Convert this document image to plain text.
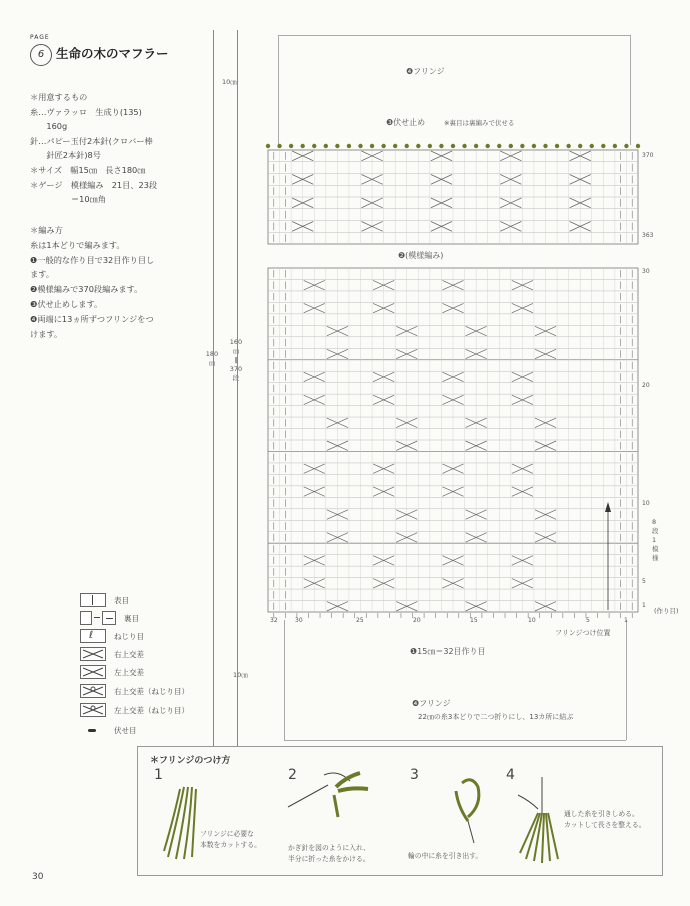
PAGE
6 生命の木のマフラー
＊用意するもの
糸…ヴァラッロ　生成り(135)
　　160g
針…パピー玉付2本針(クロバー棒
　　針匠2本針)8号
＊サイズ　幅15㎝　長さ180㎝
＊ゲージ　模様編み　21目、23段
　　　　　＝10㎝角
＊編み方
糸は1本どりで編みます。
❶一般的な作り目で32目作り目し
ます。
❷模様編みで370段編みます。
❸伏せ止めします。
❹両端に13ヵ所ずつフリンジをつ
けます。
表目
裏目
ℓ	ねじり目
右上交差
左上交差
右上交差（ねじり目）
左上交差（ねじり目）
伏せ目
❹フリンジ
10㎝
❸伏せ止め	※裏目は裏編みで伏せる
❷(模様編み)
180
㎝
160
㎝
‖
370
段
10㎝
370
363
30
20
10
5
1
32	30	25	20	15	10	5	1
(作り目)
8段1模様
フリンジつけ位置
❶15㎝＝32目作り目
❹フリンジ
22㎝の糸3本どりで二つ折りにし、13カ所に結ぶ
＊フリンジのつけ方
1
フリンジに必要な
本数をカットする。
2
かぎ針を図のように入れ、
半分に折った糸をかける。
3
輪の中に糸を引き出す。
4
通した糸を引きしめる。
カットして長さを整える。
30
